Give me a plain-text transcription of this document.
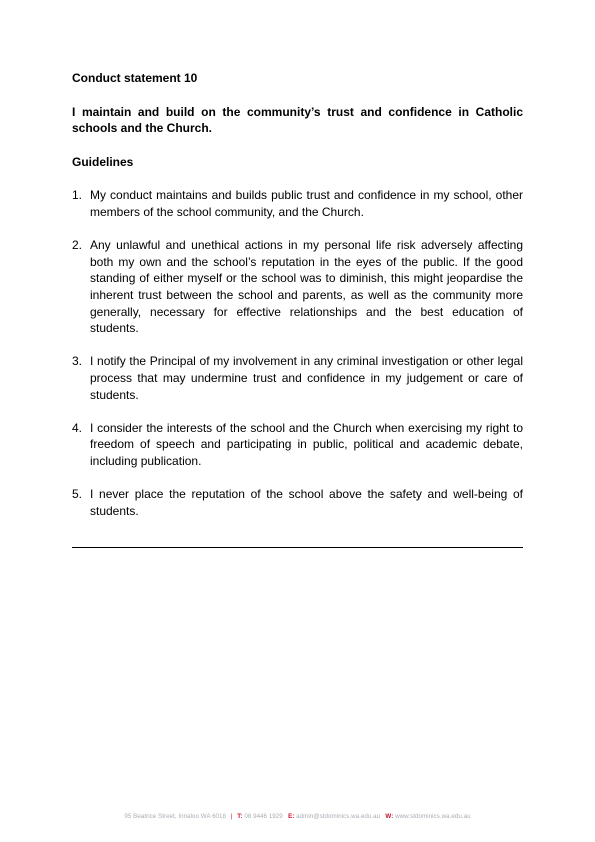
Conduct statement 10

I maintain and build on the community’s trust and confidence in Catholic schools and the Church.

Guidelines

1. My conduct maintains and builds public trust and confidence in my school, other members of the school community, and the Church.
2. Any unlawful and unethical actions in my personal life risk adversely affecting both my own and the school’s reputation in the eyes of the public. If the good standing of either myself or the school was to diminish, this might jeopardise the inherent trust between the school and parents, as well as the community more generally, necessary for effective relationships and the best education of students.
3. I notify the Principal of my involvement in any criminal investigation or other legal process that may undermine trust and confidence in my judgement or care of students.
4. I consider the interests of the school and the Church when exercising my right to freedom of speech and participating in public, political and academic debate, including publication.
5. I never place the reputation of the school above the safety and well-being of students.
95 Beatrice Street, Innaloo WA 6018 | T: 08 9446 1929 E: admin@stdominics.wa.edu.au W: www.stdominics.wa.edu.au
